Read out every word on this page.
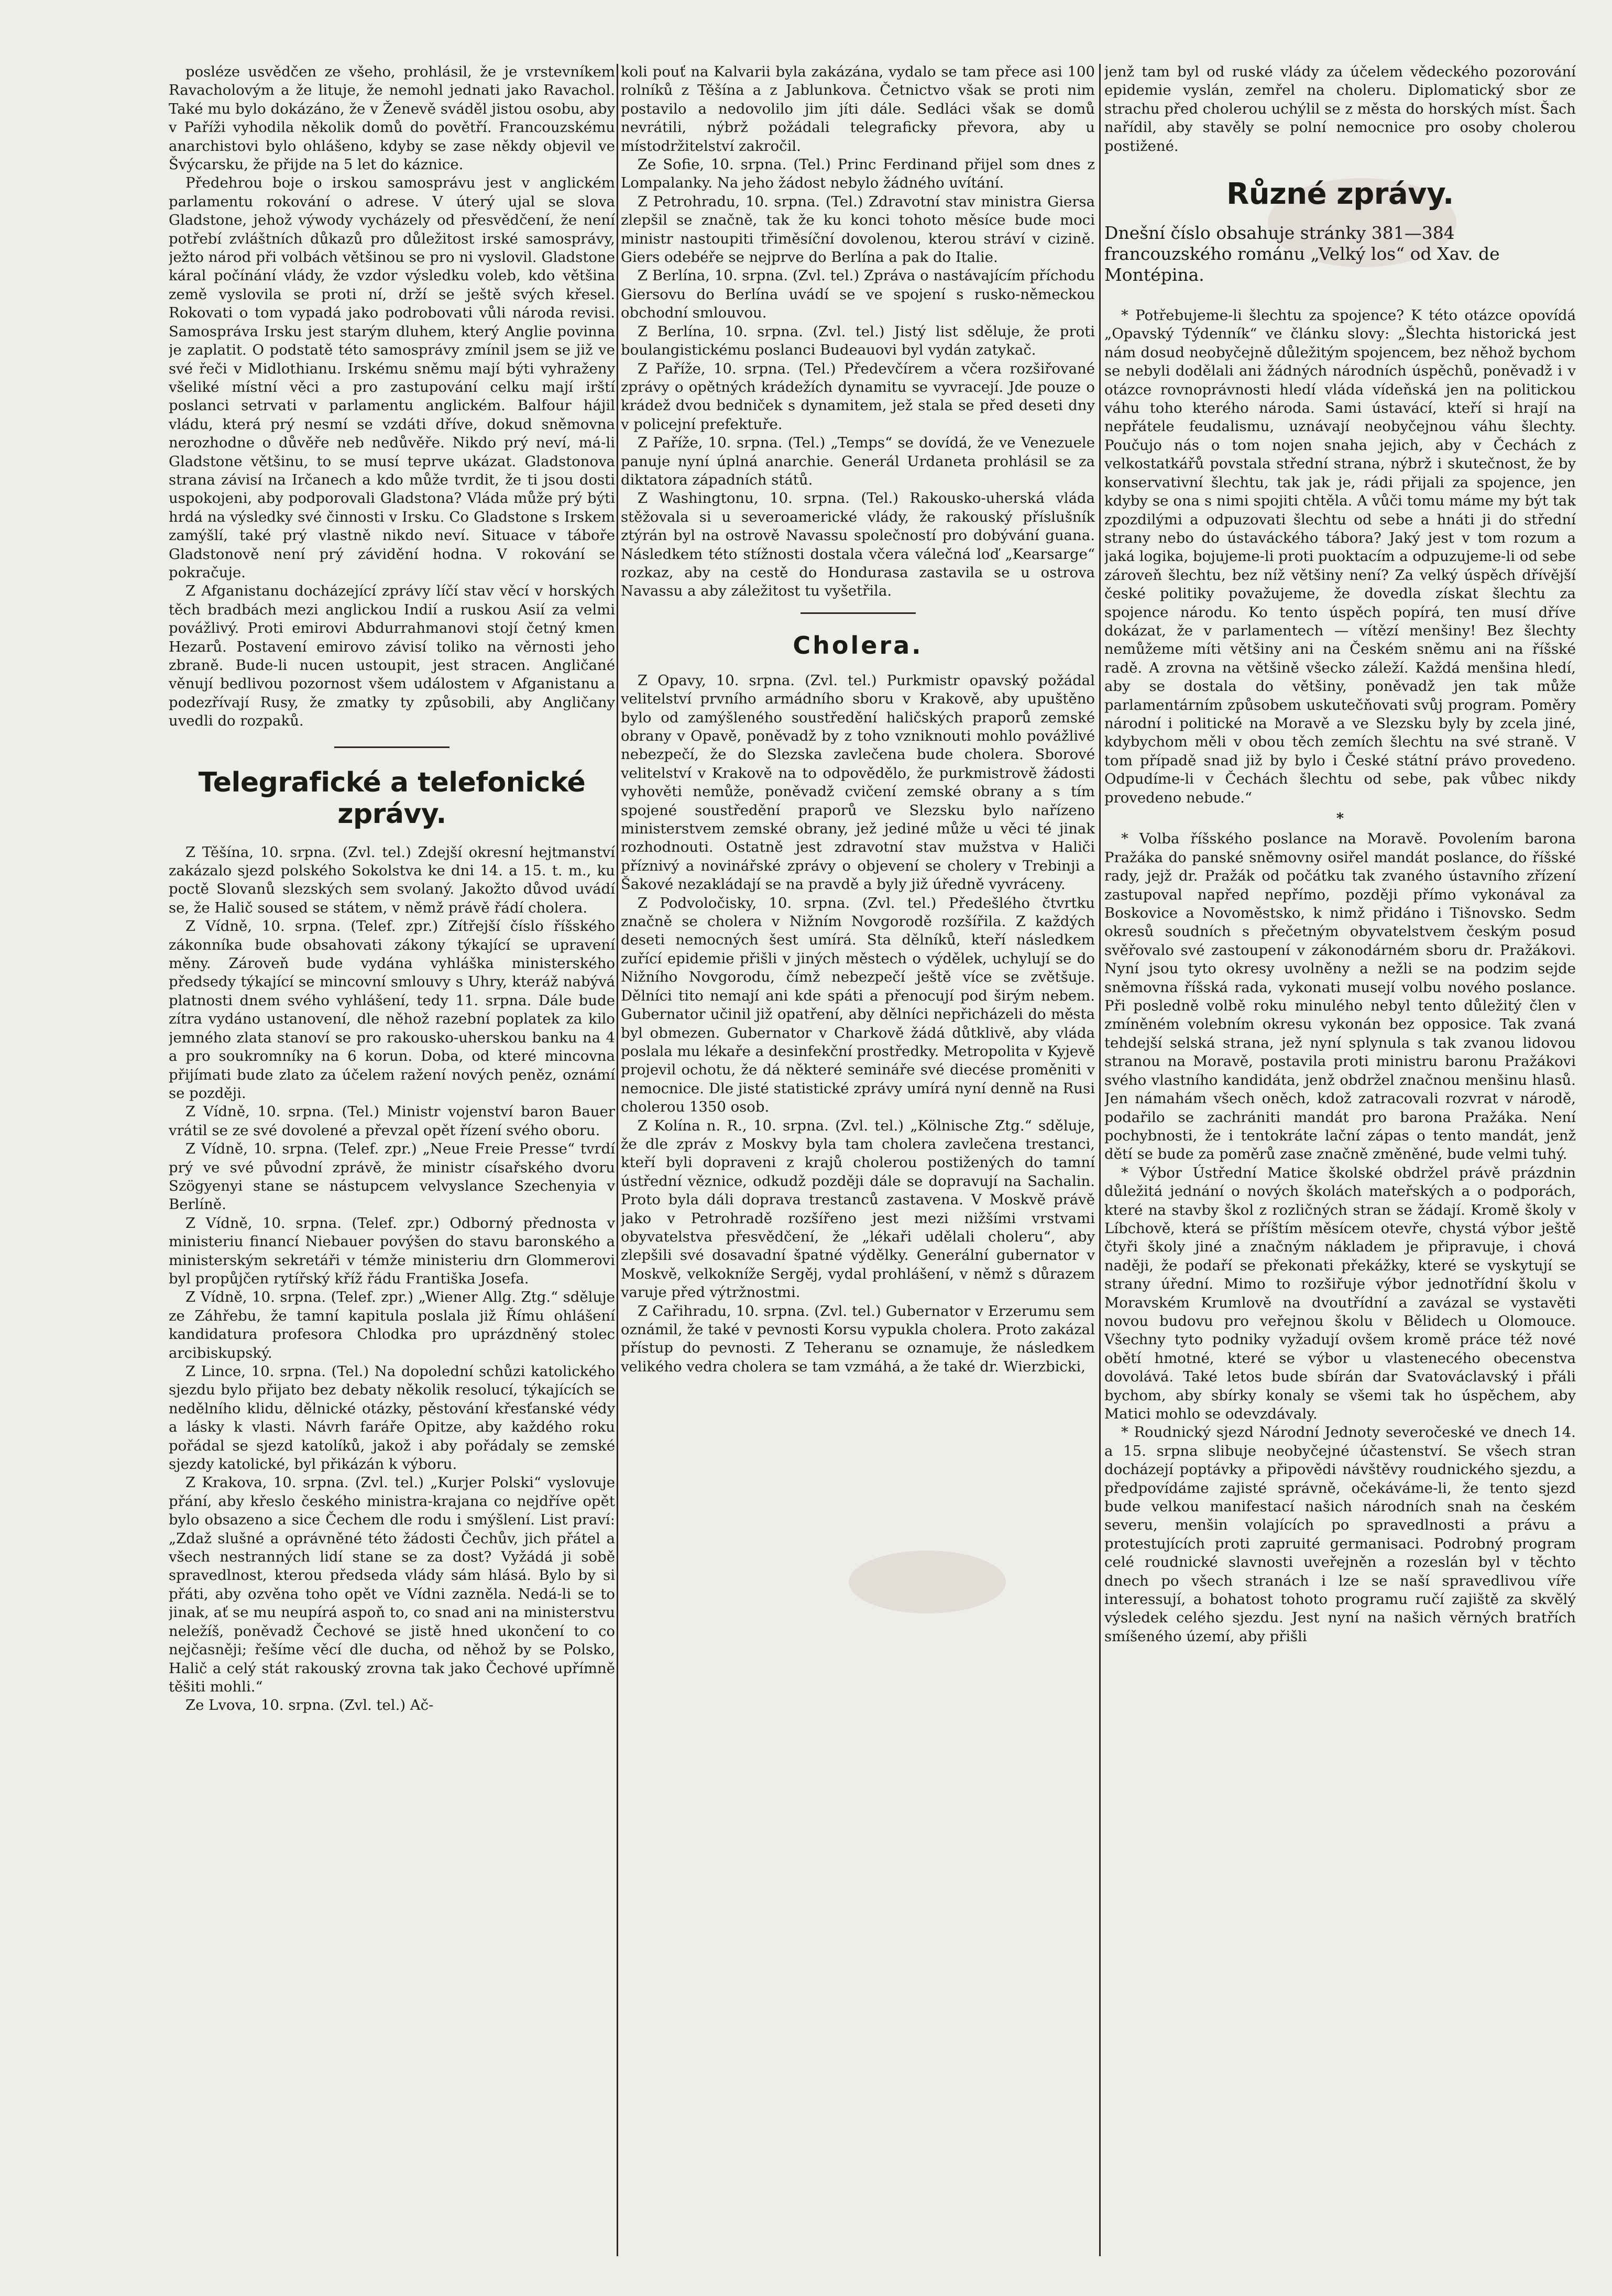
posléze usvědčen ze všeho, prohlásil, že je vrstevníkem Ravacholovým a že lituje, že nemohl jednati jako Ravachol. Také mu bylo dokázáno, že v Ženevě sváděl jistou osobu, aby v Paříži vyhodila několik domů do povětří. Francouzskému anarchistovi bylo ohlášeno, kdyby se zase někdy objevil ve Švýcarsku, že přijde na 5 let do káznice.

Předehrou boje o irskou samosprávu jest v anglickém parlamentu rokování o adrese. V úterý ujal se slova Gladstone, jehož výwody vycházely od přesvědčení, že není potřebí zvláštních důkazů pro důležitost irské samosprávy, ježto národ při volbách většinou se pro ni vyslovil. Gladstone káral počínání vlády, že vzdor výsledku voleb, kdo většina země vyslovila se proti ní, drží se ještě svých křesel. Rokovati o tom vypadá jako podrobovati vůli národa revisi. Samospráva Irsku jest starým dluhem, který Anglie povinna je zaplatit. O podstatě této samosprávy zmínil jsem se již ve své řeči v Midlothianu. Irskému sněmu mají býti vyhraženy všeliké místní věci a pro zastupování celku mají irští poslanci setrvati v parlamentu anglickém. Balfour hájil vládu, která prý nesmí se vzdáti dříve, dokud sněmovna nerozhodne o důvěře neb nedůvěře. Nikdo prý neví, má-li Gladstone většinu, to se musí teprve ukázat. Gladstonova strana závisí na Irčanech a kdo může tvrdit, že ti jsou dosti uspokojeni, aby podporovali Gladstona? Vláda může prý býti hrdá na výsledky své činnosti v Irsku. Co Gladstone s Irskem zamýšlí, také prý vlastně nikdo neví. Situace v táboře Gladstonově není prý závidění hodna. V rokování se pokračuje.

Z Afganistanu docházející zprávy líčí stav věcí v horských těch bradbách mezi anglickou Indií a ruskou Asií za velmi povážlivý. Proti emirovi Abdurrahmanovi stojí četný kmen Hezarů. Postavení emirovo závisí toliko na věrnosti jeho zbraně. Bude-li nucen ustoupit, jest stracen. Angličané věnují bedlivou pozornost všem událostem v Afganistanu a podezřívají Rusy, že zmatky ty způsobili, aby Angličany uvedli do rozpaků.

Telegrafické a telefonické zprávy.

Z Těšína, 10. srpna. (Zvl. tel.) Zdejší okresní hejtmanství zakázalo sjezd polského Sokolstva ke dni 14. a 15. t. m., ku poctě Slovanů slezských sem svolaný. Jakožto důvod uvádí se, že Halič soused se státem, v němž právě řádí cholera.

Z Vídně, 10. srpna. (Telef. zpr.) Zítřejší číslo říšského zákonníka bude obsahovati zákony týkající se upravení měny. Zároveň bude vydána vyhláška ministerského předsedy týkající se mincovní smlouvy s Uhry, kteráž nabývá platnosti dnem svého vyhlášení, tedy 11. srpna. Dále bude zítra vydáno ustanovení, dle něhož razební poplatek za kilo jemného zlata stanoví se pro rakousko-uherskou banku na 4 a pro soukromníky na 6 korun. Doba, od které mincovna přijímati bude zlato za účelem ražení nových peněz, oznámí se později.

Z Vídně, 10. srpna. (Tel.) Ministr vojenství baron Bauer vrátil se ze své dovolené a převzal opět řízení svého oboru.

Z Vídně, 10. srpna. (Telef. zpr.) „Neue Freie Presse“ tvrdí prý ve své původní zprávě, že ministr císařského dvoru Szögyenyi stane se nástupcem velvyslance Szechenyia v Berlíně.

Z Vídně, 10. srpna. (Telef. zpr.) Odborný přednosta v ministeriu financí Niebauer povýšen do stavu baronského a ministerským sekretáři v témže ministeriu drn Glommerovi byl propůjčen rytířský kříž řádu Františka Josefa.

Z Vídně, 10. srpna. (Telef. zpr.) „Wiener Allg. Ztg.“ sděluje ze Záhřebu, že tamní kapitula poslala již Římu ohlášení kandidatura profesora Chlodka pro uprázdněný stolec arcibiskupský.

Z Lince, 10. srpna. (Tel.) Na dopolední schůzi katolického sjezdu bylo přijato bez debaty několik resolucí, týkajících se nedělního klidu, dělnické otázky, pěstování křesťanské védy a lásky k vlasti. Návrh faráře Opitze, aby každého roku pořádal se sjezd katolíků, jakož i aby pořádaly se zemské sjezdy katolické, byl přikázán k výboru.

Z Krakova, 10. srpna. (Zvl. tel.) „Kurjer Polski“ vyslovuje přání, aby křeslo českého ministra-krajana co nejdříve opět bylo obsazeno a sice Čechem dle rodu i smýšlení. List praví: „Zdaž slušné a oprávněné této žádosti Čechův, jich přátel a všech nestranných lidí stane se za dost? Vyžádá ji sobě spravedlnost, kterou předseda vlády sám hlásá. Bylo by si přáti, aby ozvěna toho opět ve Vídni zazněla. Nedá-li se to jinak, ať se mu neupírá aspoň to, co snad ani na ministerstvu neležíš, poněvadž Čechové se jistě hned ukončení to co nejčasněji; řešíme věcí dle ducha, od něhož by se Polsko, Halič a celý stát rakouský zrovna tak jako Čechové upřímně těšiti mohli.“

Ze Lvova, 10. srpna. (Zvl. tel.) Ač-

koli pouť na Kalvarii byla zakázána, vydalo se tam přece asi 100 rolníků z Těšína a z Jablunkova. Četnictvo však se proti nim postavilo a nedovolilo jim jíti dále. Sedláci však se domů nevrátili, nýbrž požádali telegraficky převora, aby u místodržitelství zakročil.

Ze Sofie, 10. srpna. (Tel.) Princ Ferdinand přijel som dnes z Lompalanky. Na jeho žádost nebylo žádného uvítání.

Z Petrohradu, 10. srpna. (Tel.) Zdravotní stav ministra Giersa zlepšil se značně, tak že ku konci tohoto měsíce bude moci ministr nastoupiti třiměsíční dovolenou, kterou stráví v cizině. Giers odebéře se nejprve do Berlína a pak do Italie.

Z Berlína, 10. srpna. (Zvl. tel.) Zpráva o nastávajícím příchodu Giersovu do Berlína uvádí se ve spojení s rusko-německou obchodní smlouvou.

Z Berlína, 10. srpna. (Zvl. tel.) Jistý list sděluje, že proti boulangistickému poslanci Budeauovi byl vydán zatykač.

Z Paříže, 10. srpna. (Tel.) Předevčírem a včera rozšiřované zprávy o opětných krádežích dynamitu se vyvracejí. Jde pouze o krádež dvou bedniček s dynamitem, jež stala se před deseti dny v policejní prefektuře.

Z Paříže, 10. srpna. (Tel.) „Temps“ se dovídá, že ve Venezuele panuje nyní úplná anarchie. Generál Urdaneta prohlásil se za diktatora západních států.

Z Washingtonu, 10. srpna. (Tel.) Rakousko-uherská vláda stěžovala si u severoamerické vlády, že rakouský příslušník ztýrán byl na ostrově Navassu společností pro dobývání guana. Následkem této stížnosti dostala včera válečná loď „Kearsarge“ rozkaz, aby na cestě do Hondurasa zastavila se u ostrova Navassu a aby záležitost tu vyšetřila.

Cholera.

Z Opavy, 10. srpna. (Zvl. tel.) Purkmistr opavský požádal velitelství prvního armádního sboru v Krakově, aby upuštěno bylo od zamýšleného soustředění haličských praporů zemské obrany v Opavě, poněvadž by z toho vzniknouti mohlo povážlivé nebezpečí, že do Slezska zavlečena bude cholera. Sborové velitelství v Krakově na to odpovědělo, že purkmistrově žádosti vyhověti nemůže, poněvadž cvičení zemské obrany a s tím spojené soustředění praporů ve Slezsku bylo nařízeno ministerstvem zemské obrany, jež jediné může u věci té jinak rozhodnouti. Ostatně jest zdravotní stav mužstva v Haliči příznivý a novinářské zprávy o objevení se cholery v Trebinji a Šakové nezakládají se na pravdě a byly již úředně vyvráceny.

Z Podvoločisky, 10. srpna. (Zvl. tel.) Předešlého čtvrtku značně se cholera v Nižním Novgorodě rozšířila. Z každých deseti nemocných šest umírá. Sta dělníků, kteří následkem zuřící epidemie přišli v jiných městech o výdělek, uchylují se do Nižního Novgorodu, čímž nebezpečí ještě více se zvětšuje. Dělníci tito nemají ani kde spáti a přenocují pod širým nebem. Gubernator učinil již opatření, aby dělníci nepřicházeli do města byl obmezen. Gubernator v Charkově žádá důtklivě, aby vláda poslala mu lékaře a desinfekční prostředky. Metropolita v Kyjevě projevil ochotu, že dá některé semináře své diecése proměniti v nemocnice. Dle jisté statistické zprávy umírá nyní denně na Rusi cholerou 1350 osob.

Z Kolína n. R., 10. srpna. (Zvl. tel.) „Kölnische Ztg.“ sděluje, že dle zpráv z Moskvy byla tam cholera zavlečena trestanci, kteří byli dopraveni z krajů cholerou postižených do tamní ústřední věznice, odkudž později dále se dopravují na Sachalin. Proto byla dáli doprava trestanců zastavena. V Moskvě právě jako v Petrohradě rozšířeno jest mezi nižšími vrstvami obyvatelstva přesvědčení, že „lékaři udělali choleru“, aby zlepšili své dosavadní špatné výdělky. Generální gubernator v Moskvě, velkokníže Sergěj, vydal prohlášení, v němž s důrazem varuje před výtržnostmi.

Z Cařihradu, 10. srpna. (Zvl. tel.) Gubernator v Erzerumu sem oznámil, že také v pevnosti Korsu vypukla cholera. Proto zakázal přístup do pevnosti. Z Teheranu se oznamuje, že následkem velikého vedra cholera se tam vzmáhá, a že také dr. Wierzbicki,

jenž tam byl od ruské vlády za účelem vědeckého pozorování epidemie vyslán, zemřel na choleru. Diplomatický sbor ze strachu před cholerou uchýlil se z města do horských míst. Šach nařídil, aby stavěly se polní nemocnice pro osoby cholerou postižené.

Různé zprávy.

Dnešní číslo obsahuje stránky 381—384 francouzského románu „Velký los“ od Xav. de Montépina.

* Potřebujeme-li šlechtu za spojence? K této otázce opovídá „Opavský Týdenník“ ve článku slovy: „Šlechta historická jest nám dosud neobyčejně důležitým spojencem, bez něhož bychom se nebyli dodělali ani žádných národních úspěchů, poněvadž i v otázce rovnoprávnosti hledí vláda vídeňská jen na politickou váhu toho kterého národa. Sami ústavácí, kteří si hrají na nepřátele feudalismu, uznávají neobyčejnou váhu šlechty. Poučujo nás o tom nojen snaha jejich, aby v Čechách z velkostatkářů povstala střední strana, nýbrž i skutečnost, že by konservativní šlechtu, tak jak je, rádi přijali za spojence, jen kdyby se ona s nimi spojiti chtěla. A vůči tomu máme my být tak zpozdilými a odpuzovati šlechtu od sebe a hnáti ji do střední strany nebo do ústaváckého tábora? Jaký jest v tom rozum a jaká logika, bojujeme-li proti puoktacím a odpuzujeme-li od sebe zároveň šlechtu, bez níž většiny není? Za velký úspěch dřívější české politiky považujeme, že dovedla získat šlechtu za spojence národu. Ko tento úspěch popírá, ten musí dříve dokázat, že v parlamentech — vítězí menšiny! Bez šlechty nemůžeme míti většiny ani na Českém sněmu ani na říšské radě. A zrovna na většině všecko záleží. Každá menšina hledí, aby se dostala do většiny, poněvadž jen tak může parlamentárním způsobem uskutečňovati svůj program. Poměry národní i politické na Moravě a ve Slezsku byly by zcela jiné, kdybychom měli v obou těch zemích šlechtu na své straně. V tom případě snad již by bylo i České státní právo provedeno. Odpudíme-li v Čechách šlechtu od sebe, pak vůbec nikdy provedeno nebude.“

*

* Volba říšského poslance na Moravě. Povolením barona Pražáka do panské sněmovny osiřel mandát poslance, do říšské rady, jejž dr. Pražák od počátku tak zvaného ústavního zřízení zastupoval napřed nepřímo, později přímo vykonával za Boskovice a Novoměstsko, k nimž přidáno i Tišnovsko. Sedm okresů soudních s přečetným obyvatelstvem českým posud svěřovalo své zastoupení v zákonodárném sboru dr. Pražákovi. Nyní jsou tyto okresy uvolněny a nežli se na podzim sejde sněmovna říšská rada, vykonati musejí volbu nového poslance. Při posledně volbě roku minulého nebyl tento důležitý člen v zmíněném volebním okresu vykonán bez opposice. Tak zvaná tehdejší selská strana, jež nyní splynula s tak zvanou lidovou stranou na Moravě, postavila proti ministru baronu Pražákovi svého vlastního kandidáta, jenž obdržel značnou menšinu hlasů. Jen námahám všech oněch, kdož zatracovali rozvrat v národě, podařilo se zachrániti mandát pro barona Pražáka. Není pochybnosti, že i tentokráte lační zápas o tento mandát, jenž dětí se bude za poměrů zase značně změněné, bude velmi tuhý.

* Výbor Ústřední Matice školské obdržel právě prázdnin důležitá jednání o nových školách mateřských a o podporách, které na stavby škol z rozličných stran se žádají. Kromě školy v Líbchově, která se příštím měsícem otevře, chystá výbor ještě čtyři školy jiné a značným nákladem je připravuje, i chová naději, že podaří se překonati překážky, které se vyskytují se strany úřední. Mimo to rozšiřuje výbor jednotřídní školu v Moravském Krumlově na dvoutřídní a zavázal se vystavěti novou budovu pro veřejnou školu v Bělidech u Olomouce. Všechny tyto podniky vyžadují ovšem kromě práce též nové obětí hmotné, které se výbor u vlastenecého obecenstva dovolává. Také letos bude sbírán dar Svatováclavský i přáli bychom, aby sbírky konaly se všemi tak ho úspěchem, aby Matici mohlo se odevzdávaly.

* Roudnický sjezd Národní Jednoty severočeské ve dnech 14. a 15. srpna slibuje neobyčejné účastenství. Se všech stran docházejí poptávky a připovědi návštěvy roudnického sjezdu, a předpovídáme zajisté správně, očekáváme-li, že tento sjezd bude velkou manifestací našich národních snah na českém severu, menšin volajících po spravedlnosti a právu a protestujících proti zapruité germanisaci. Podrobný program celé roudnické slavnosti uveřejněn a rozeslán byl v těchto dnech po všech stranách i lze se naší spravedlivou víře interessují, a bohatost tohoto programu ručí zajiště za skvělý výsledek celého sjezdu. Jest nyní na našich věrných bratřích smíšeného území, aby přišli
